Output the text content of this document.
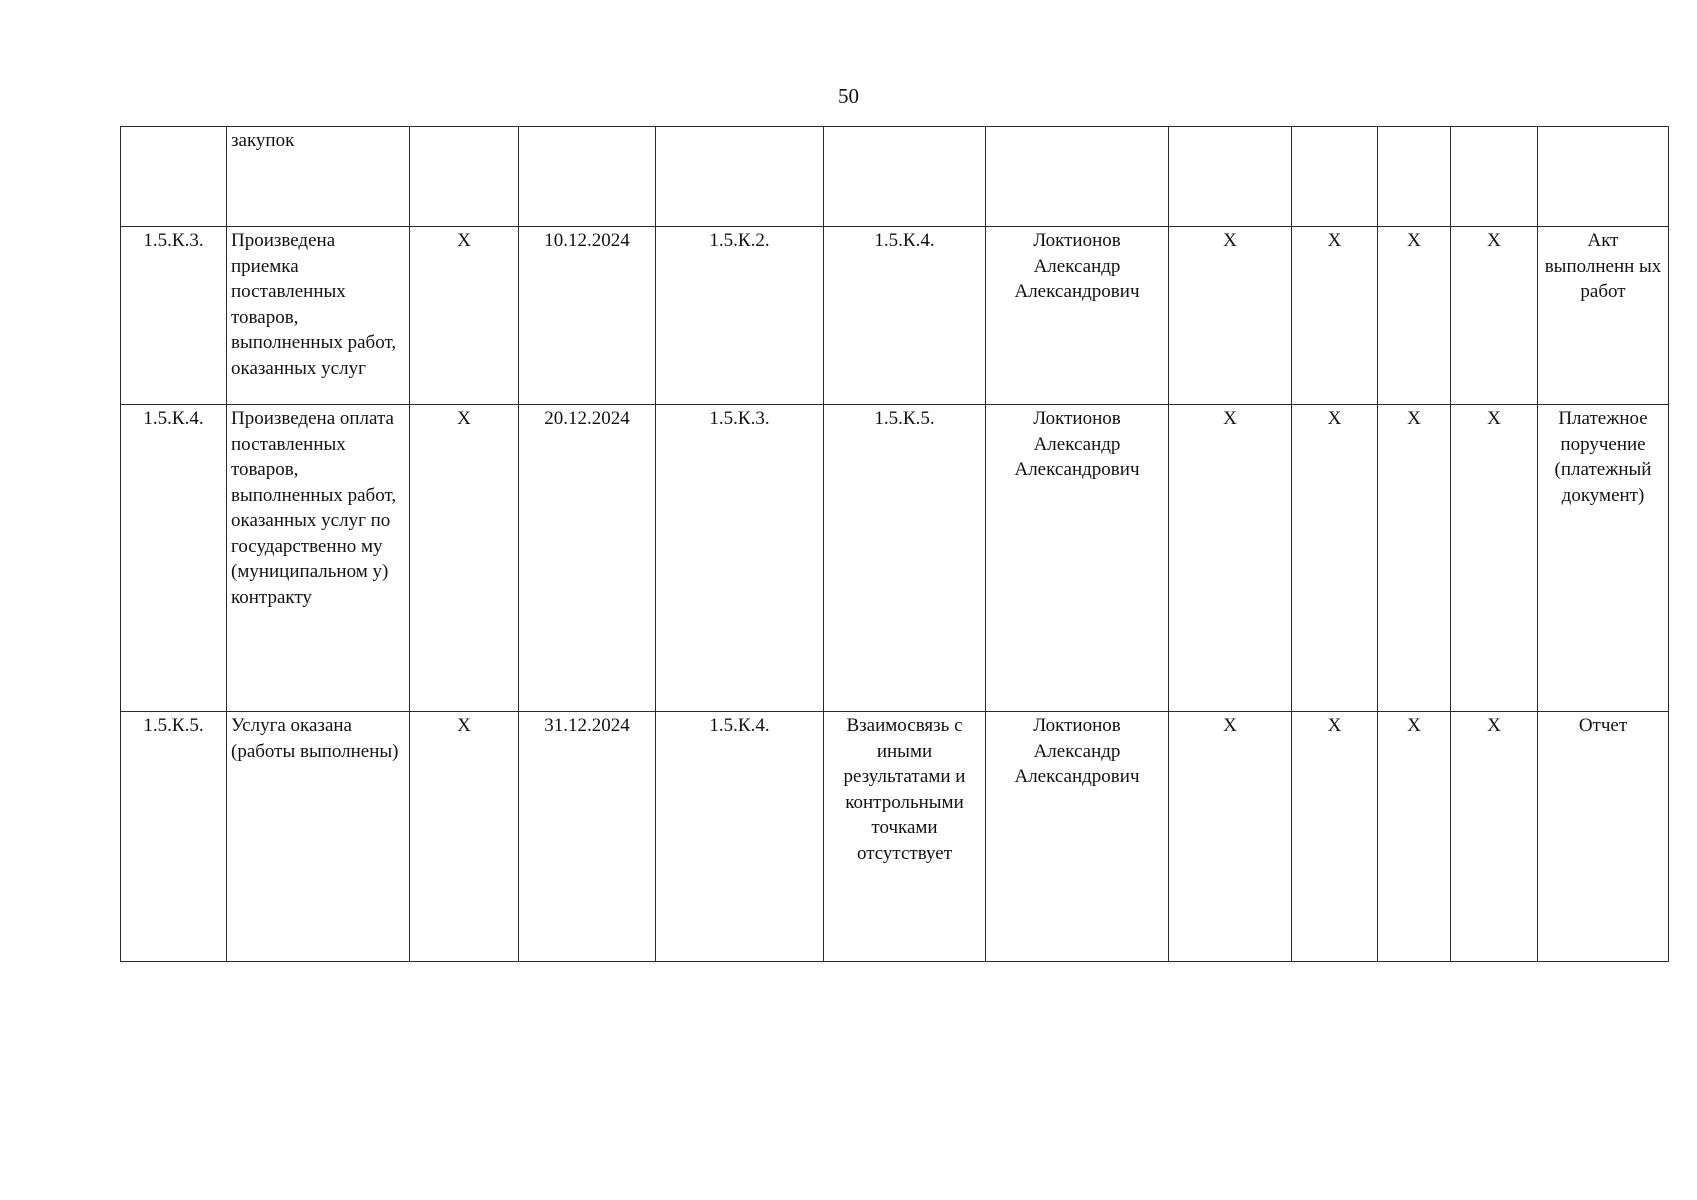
50
	закупок										
1.5.К.3.	Произведена приемка поставленных товаров, выполненных работ, оказанных услуг	Х	10.12.2024	1.5.К.2.	1.5.К.4.	Локтионов Александр Александрович	Х	Х	Х	Х	Акт выполненн ых работ
1.5.К.4.	Произведена оплата поставленных товаров, выполненных работ, оказанных услуг по государственно му (муниципальном у) контракту	Х	20.12.2024	1.5.К.3.	1.5.К.5.	Локтионов Александр Александрович	Х	Х	Х	Х	Платежное поручение (платежный документ)
1.5.К.5.	Услуга оказана (работы выполнены)	Х	31.12.2024	1.5.К.4.	Взаимосвязь с иными результатами и контрольными точками отсутствует	Локтионов Александр Александрович	Х	Х	Х	Х	Отчет
